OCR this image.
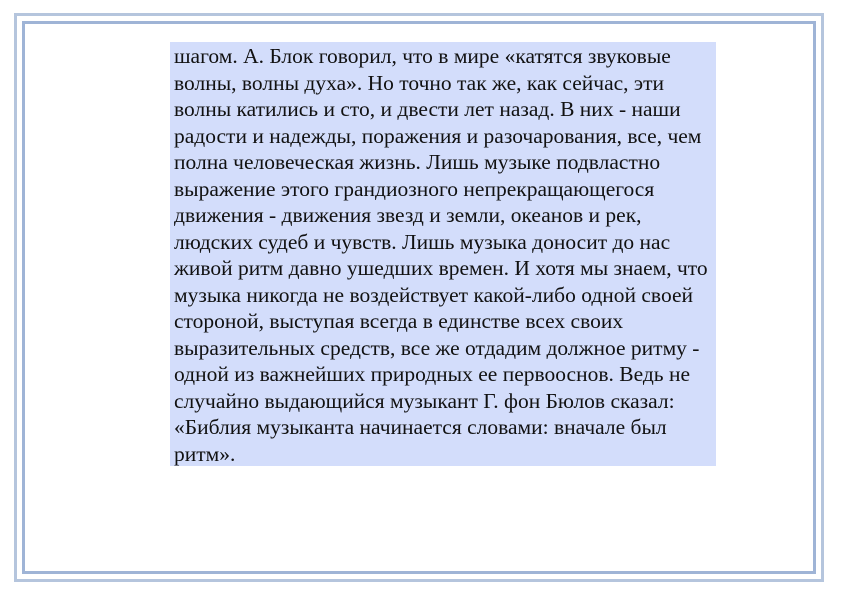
шагом. А. Блок говорил, что в мире «катятся звуковые
волны, волны духа». Но точно так же, как сейчас, эти
волны катились и сто, и двести лет назад. В них - наши
радости и надежды, поражения и разочарования, все, чем
полна человеческая жизнь. Лишь музыке подвластно
выражение этого грандиозного непрекращающегося
движения - движения звезд и земли, океанов и рек,
людских судеб и чувств. Лишь музыка доносит до нас
живой ритм давно ушедших времен. И хотя мы знаем, что
музыка никогда не воздействует какой-либо одной своей
стороной, выступая всегда в единстве всех своих
выразительных средств, все же отдадим должное ритму -
одной из важнейших природных ее первооснов. Ведь не
случайно выдающийся музыкант Г. фон Бюлов сказал:
«Библия музыканта начинается словами: вначале был
ритм».
